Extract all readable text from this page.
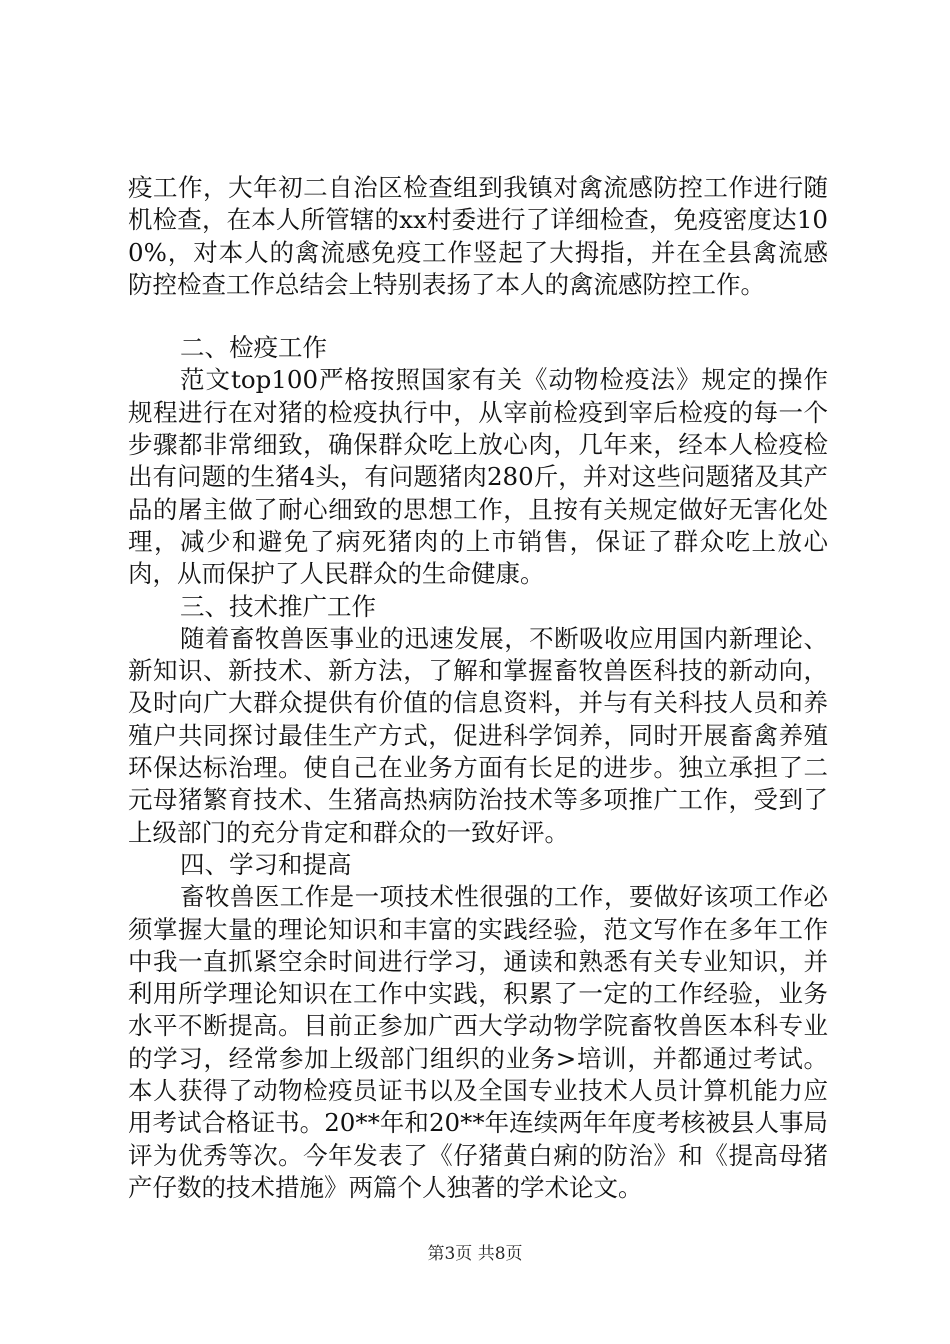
疫工作，大年初二自治区检查组到我镇对禽流感防控工作进行随机检查，在本人所管辖的xx村委进行了详细检查，免疫密度达100%，对本人的禽流感免疫工作竖起了大拇指，并在全县禽流感防控检查工作总结会上特别表扬了本人的禽流感防控工作。

二、检疫工作

范文top100严格按照国家有关《动物检疫法》规定的操作规程进行在对猪的检疫执行中，从宰前检疫到宰后检疫的每一个步骤都非常细致，确保群众吃上放心肉，几年来，经本人检疫检出有问题的生猪4头，有问题猪肉280斤，并对这些问题猪及其产品的屠主做了耐心细致的思想工作，且按有关规定做好无害化处理，减少和避免了病死猪肉的上市销售，保证了群众吃上放心肉，从而保护了人民群众的生命健康。

三、技术推广工作

随着畜牧兽医事业的迅速发展，不断吸收应用国内新理论、新知识、新技术、新方法，了解和掌握畜牧兽医科技的新动向，及时向广大群众提供有价值的信息资料，并与有关科技人员和养殖户共同探讨最佳生产方式，促进科学饲养，同时开展畜禽养殖环保达标治理。使自己在业务方面有长足的进步。独立承担了二元母猪繁育技术、生猪高热病防治技术等多项推广工作，受到了上级部门的充分肯定和群众的一致好评。

四、学习和提高

畜牧兽医工作是一项技术性很强的工作，要做好该项工作必须掌握大量的理论知识和丰富的实践经验，范文写作在多年工作中我一直抓紧空余时间进行学习，通读和熟悉有关专业知识，并利用所学理论知识在工作中实践，积累了一定的工作经验，业务水平不断提高。目前正参加广西大学动物学院畜牧兽医本科专业的学习，经常参加上级部门组织的业务>培训，并都通过考试。本人获得了动物检疫员证书以及全国专业技术人员计算机能力应用考试合格证书。20**年和20**年连续两年年度考核被县人事局评为优秀等次。今年发表了《仔猪黄白痢的防治》和《提高母猪产仔数的技术措施》两篇个人独著的学术论文。

第3页 共8页
